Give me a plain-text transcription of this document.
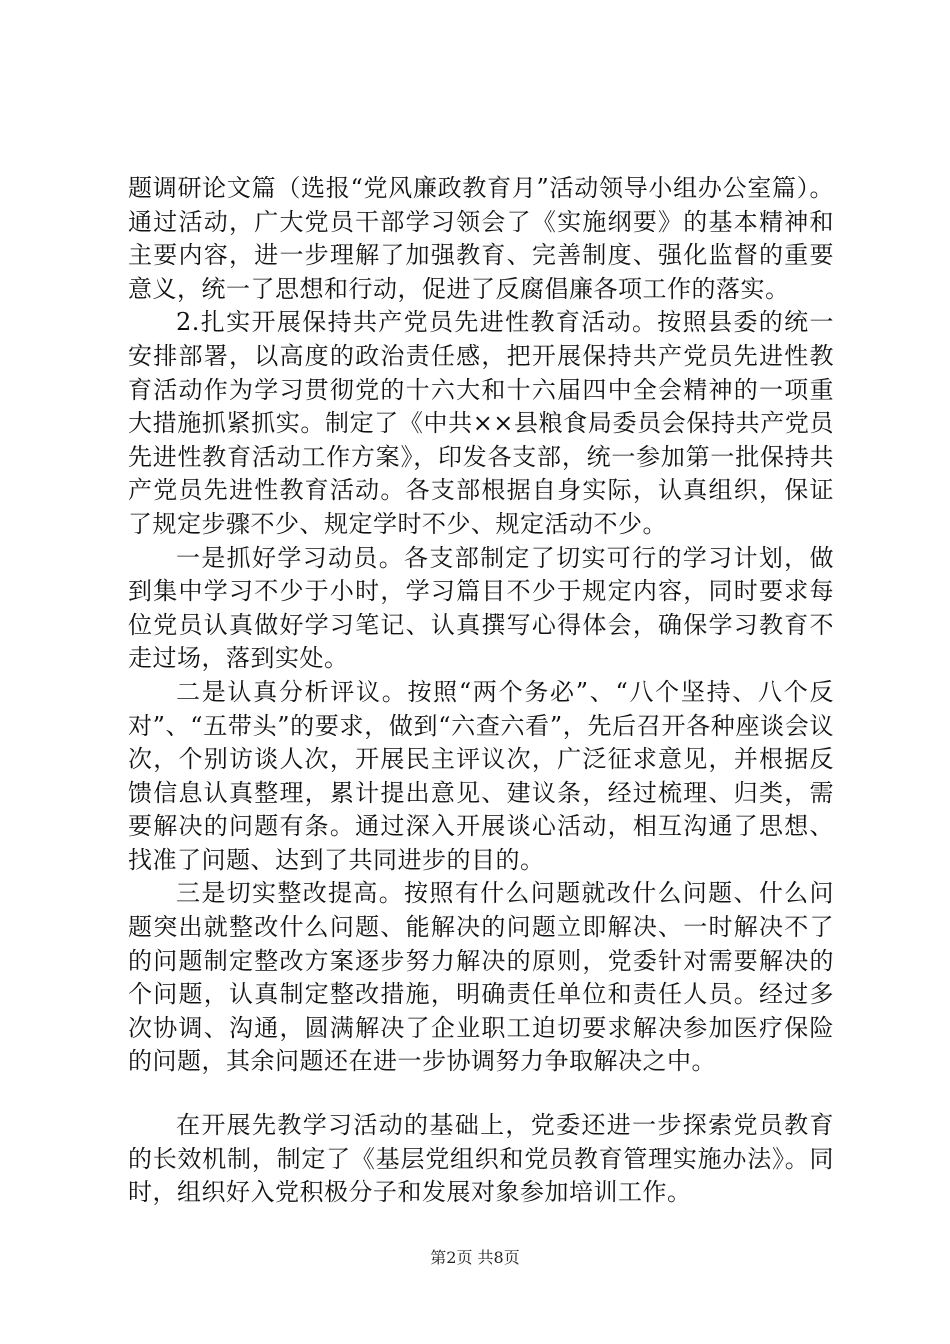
题调研论文篇（选报“党风廉政教育月”活动领导小组办公室篇）。通过活动，广大党员干部学习领会了《实施纲要》的基本精神和主要内容，进一步理解了加强教育、完善制度、强化监督的重要意义，统一了思想和行动，促进了反腐倡廉各项工作的落实。

2.扎实开展保持共产党员先进性教育活动。按照县委的统一安排部署，以高度的政治责任感，把开展保持共产党员先进性教育活动作为学习贯彻党的十六大和十六届四中全会精神的一项重大措施抓紧抓实。制定了《中共××县粮食局委员会保持共产党员先进性教育活动工作方案》，印发各支部，统一参加第一批保持共产党员先进性教育活动。各支部根据自身实际，认真组织，保证了规定步骤不少、规定学时不少、规定活动不少。

一是抓好学习动员。各支部制定了切实可行的学习计划，做到集中学习不少于小时，学习篇目不少于规定内容，同时要求每位党员认真做好学习笔记、认真撰写心得体会，确保学习教育不走过场，落到实处。

二是认真分析评议。按照“两个务必”、“八个坚持、八个反对”、“五带头”的要求，做到“六查六看”，先后召开各种座谈会议次，个别访谈人次，开展民主评议次，广泛征求意见，并根据反馈信息认真整理，累计提出意见、建议条，经过梳理、归类，需要解决的问题有条。通过深入开展谈心活动，相互沟通了思想、找准了问题、达到了共同进步的目的。

三是切实整改提高。按照有什么问题就改什么问题、什么问题突出就整改什么问题、能解决的问题立即解决、一时解决不了的问题制定整改方案逐步努力解决的原则，党委针对需要解决的个问题，认真制定整改措施，明确责任单位和责任人员。经过多次协调、沟通，圆满解决了企业职工迫切要求解决参加医疗保险的问题，其余问题还在进一步协调努力争取解决之中。

在开展先教学习活动的基础上，党委还进一步探索党员教育的长效机制，制定了《基层党组织和党员教育管理实施办法》。同时，组织好入党积极分子和发展对象参加培训工作。

第2页 共8页
